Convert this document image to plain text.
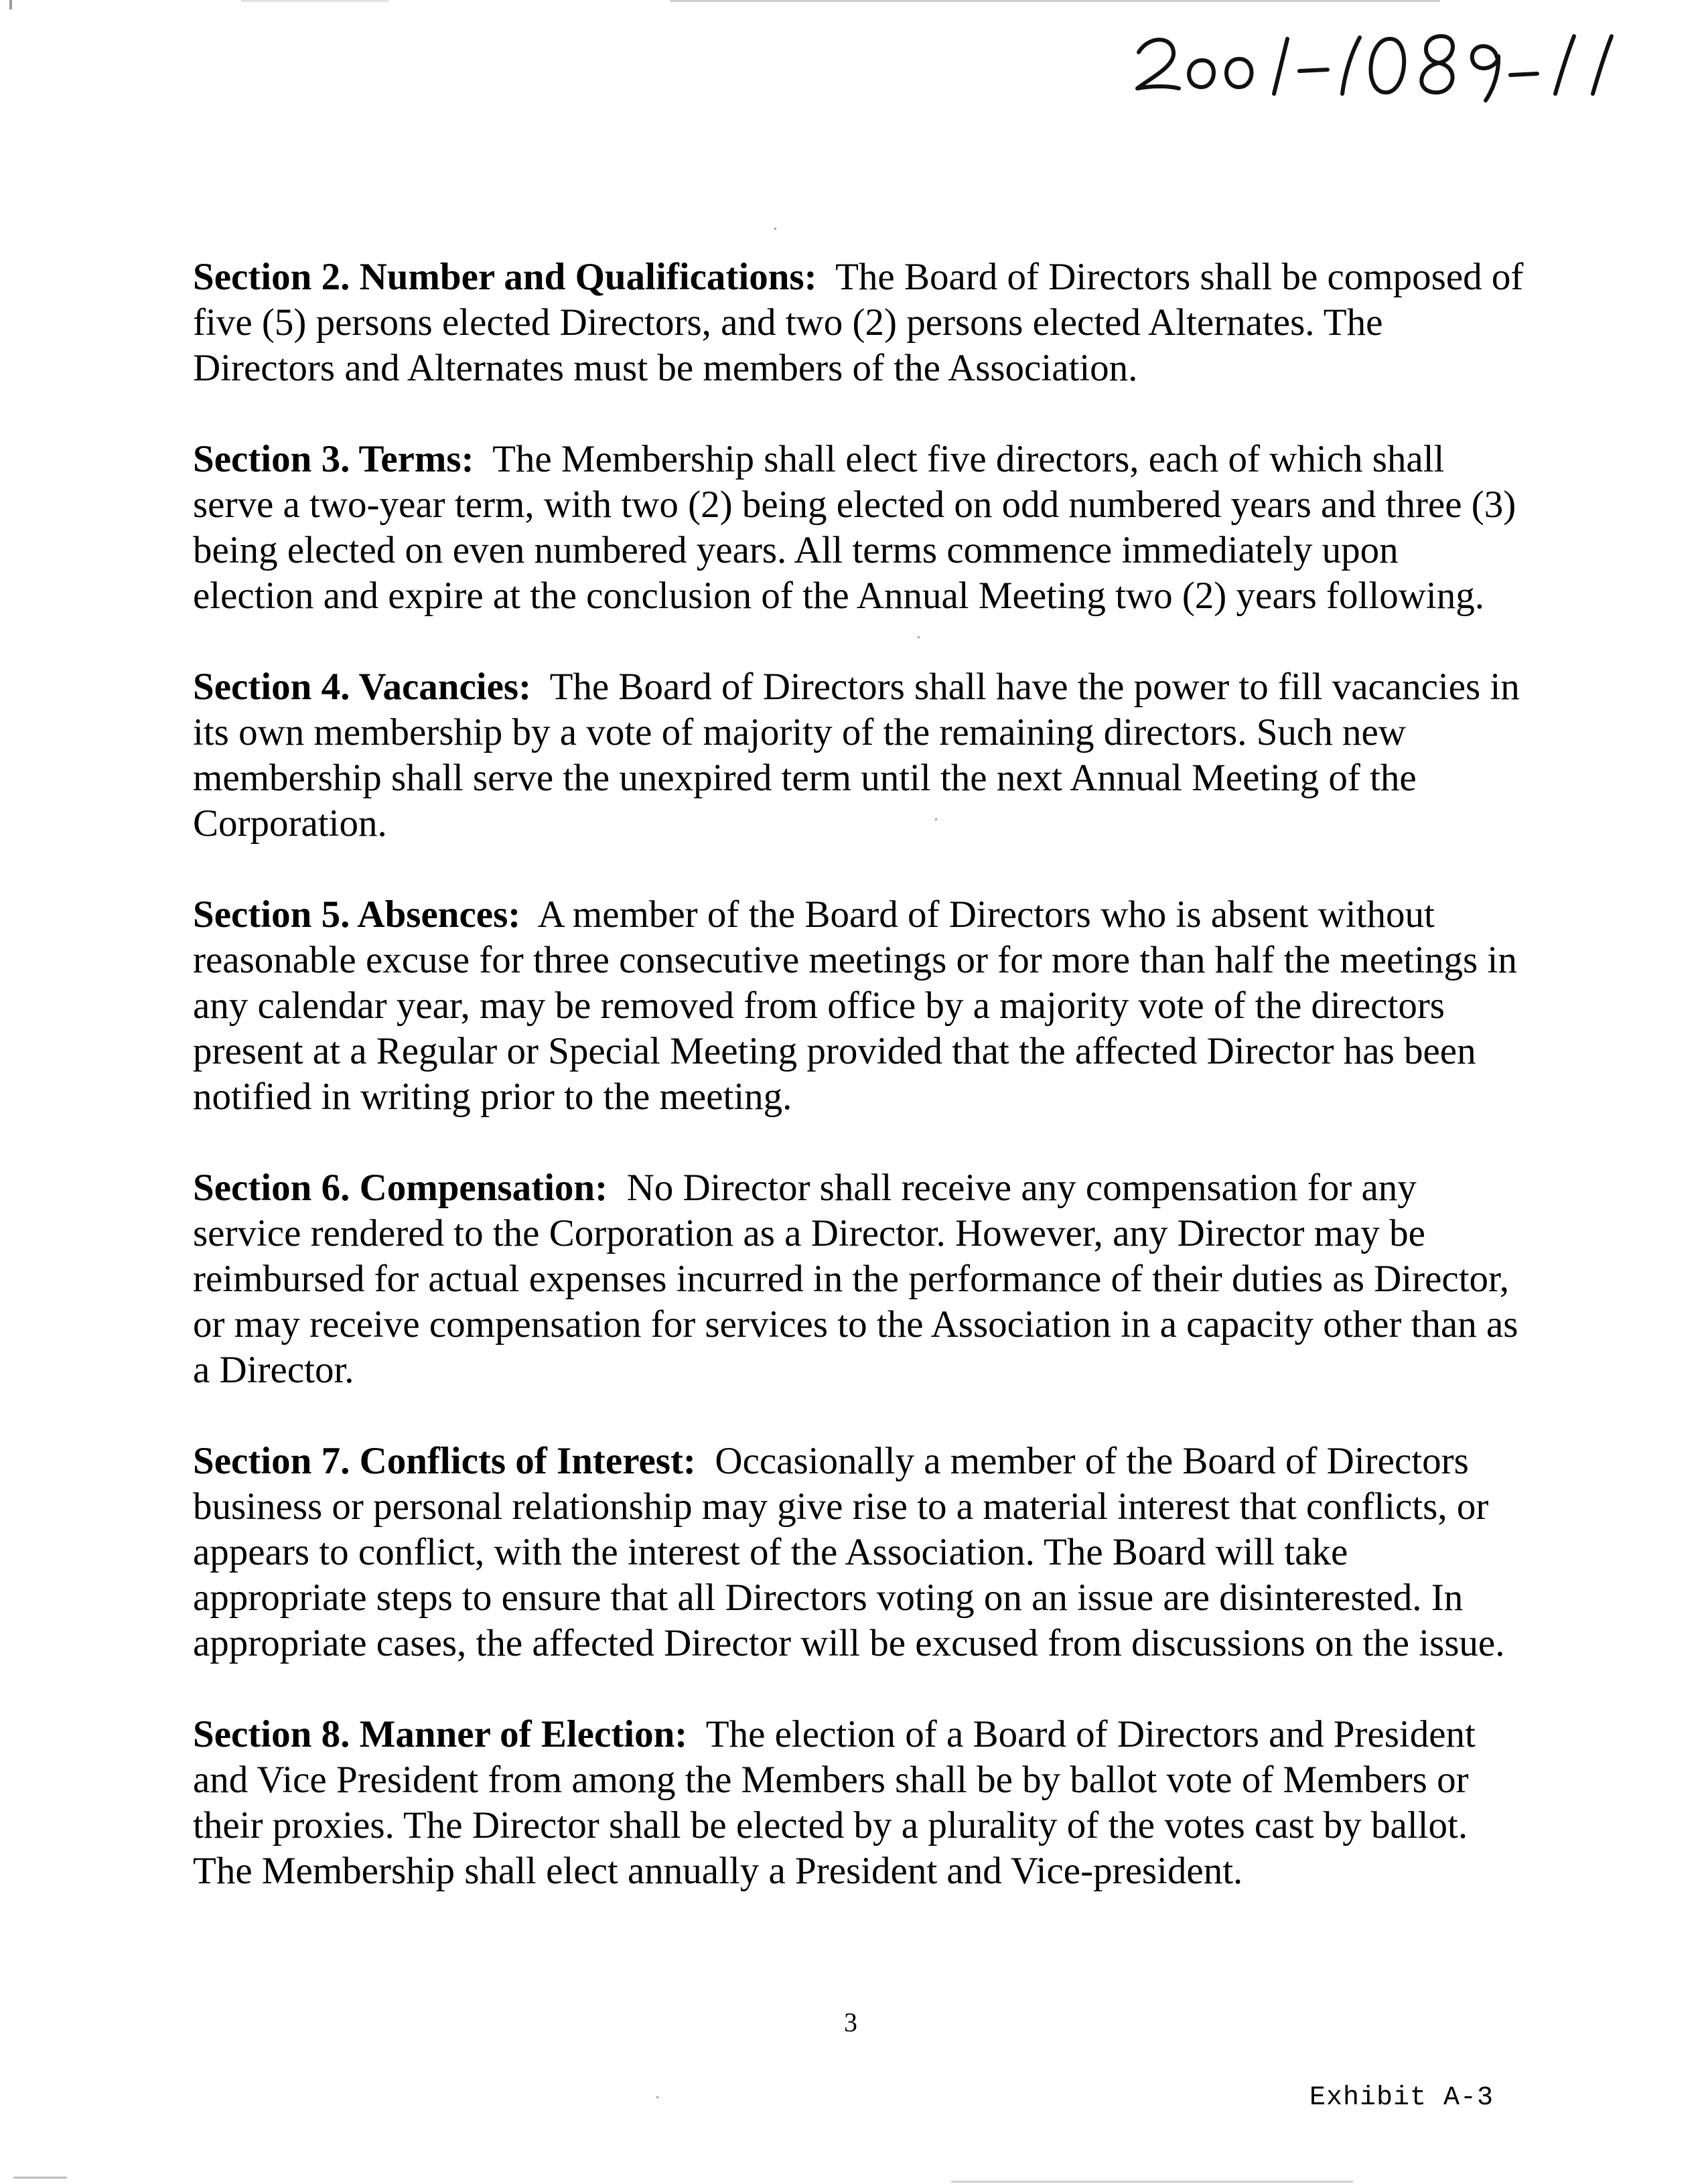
Section 2. Number and Qualifications: The Board of Directors shall be composed of five (5) persons elected Directors, and two (2) persons elected Alternates. The Directors and Alternates must be members of the Association.

Section 3. Terms: The Membership shall elect five directors, each of which shall serve a two-year term, with two (2) being elected on odd numbered years and three (3) being elected on even numbered years. All terms commence immediately upon election and expire at the conclusion of the Annual Meeting two (2) years following.

Section 4. Vacancies: The Board of Directors shall have the power to fill vacancies in its own membership by a vote of majority of the remaining directors. Such new membership shall serve the unexpired term until the next Annual Meeting of the Corporation.

Section 5. Absences: A member of the Board of Directors who is absent without reasonable excuse for three consecutive meetings or for more than half the meetings in any calendar year, may be removed from office by a majority vote of the directors present at a Regular or Special Meeting provided that the affected Director has been notified in writing prior to the meeting.

Section 6. Compensation: No Director shall receive any compensation for any service rendered to the Corporation as a Director. However, any Director may be reimbursed for actual expenses incurred in the performance of their duties as Director, or may receive compensation for services to the Association in a capacity other than as a Director.

Section 7. Conflicts of Interest: Occasionally a member of the Board of Directors business or personal relationship may give rise to a material interest that conflicts, or appears to conflict, with the interest of the Association. The Board will take appropriate steps to ensure that all Directors voting on an issue are disinterested. In appropriate cases, the affected Director will be excused from discussions on the issue.

Section 8. Manner of Election: The election of a Board of Directors and President and Vice President from among the Members shall be by ballot vote of Members or their proxies. The Director shall be elected by a plurality of the votes cast by ballot. The Membership shall elect annually a President and Vice-president.

3
Exhibit A-3
